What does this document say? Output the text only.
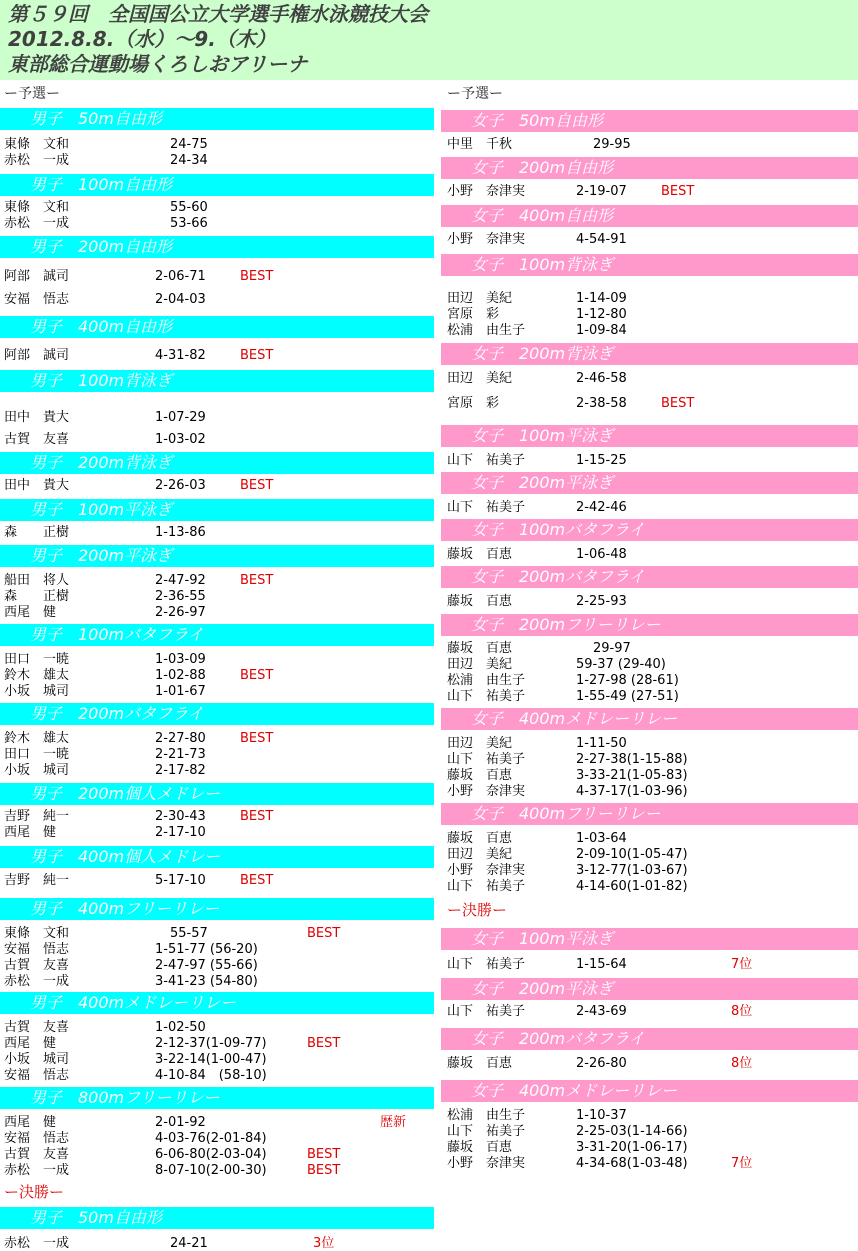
第５９回　全国国公立大学選手権水泳競技大会
2012.8.8.（水）～9.（木）
東部総合運動場くろしおアリーナ
ー予選ー
男子　50m自由形
東條　文和	24-75
赤松　一成	24-34
男子　100m自由形
東條　文和	55-60
赤松　一成	53-66
男子　200m自由形
阿部　誠司	2-06-71	BEST
安福　悟志	2-04-03
男子　400m自由形
阿部　誠司	4-31-82	BEST
男子　100m背泳ぎ
田中　貴大	1-07-29
古賀　友喜	1-03-02
男子　200m背泳ぎ
田中　貴大	2-26-03	BEST
男子　100m平泳ぎ
森　　正樹	1-13-86
男子　200m平泳ぎ
船田　将人	2-47-92	BEST
森　　正樹	2-36-55
西尾　健	2-26-97
男子　100mバタフライ
田口　一暁	1-03-09
鈴木　雄太	1-02-88	BEST
小坂　城司	1-01-67
男子　200mバタフライ
鈴木　雄太	2-27-80	BEST
田口　一暁	2-21-73
小坂　城司	2-17-82
男子　200m個人メドレー
吉野　純一	2-30-43	BEST
西尾　健	2-17-10
男子　400m個人メドレー
吉野　純一	5-17-10	BEST
男子　400mフリーリレー
東條　文和	55-57	BEST
安福　悟志	1-51-77 (56-20)
古賀　友喜	2-47-97 (55-66)
赤松　一成	3-41-23 (54-80)
男子　400mメドレーリレー
古賀　友喜	1-02-50
西尾　健	2-12-37(1-09-77)	BEST
小坂　城司	3-22-14(1-00-47)
安福　悟志	4-10-84　(58-10)
男子　800mフリーリレー
西尾　健	2-01-92	歴新
安福　悟志	4-03-76(2-01-84)
古賀　友喜	6-06-80(2-03-04)	BEST
赤松　一成	8-07-10(2-00-30)	BEST
ー決勝ー
男子　50m自由形
赤松　一成	24-21	3位
ー予選ー
女子　50m自由形
中里　千秋	29-95
女子　200m自由形
小野　奈津実	2-19-07	BEST
女子　400m自由形
小野　奈津実	4-54-91
女子　100m背泳ぎ
田辺　美紀	1-14-09
宮原　彩	1-12-80
松浦　由生子	1-09-84
女子　200m背泳ぎ
田辺　美紀	2-46-58
宮原　彩	2-38-58	BEST
女子　100m平泳ぎ
山下　祐美子	1-15-25
女子　200m平泳ぎ
山下　祐美子	2-42-46
女子　100mバタフライ
藤坂　百恵	1-06-48
女子　200mバタフライ
藤坂　百恵	2-25-93
女子　200mフリーリレー
藤坂　百恵	29-97
田辺　美紀	59-37 (29-40)
松浦　由生子	1-27-98 (28-61)
山下　祐美子	1-55-49 (27-51)
女子　400mメドレーリレー
田辺　美紀	1-11-50
山下　祐美子	2-27-38(1-15-88)
藤坂　百恵	3-33-21(1-05-83)
小野　奈津実	4-37-17(1-03-96)
女子　400mフリーリレー
藤坂　百恵	1-03-64
田辺　美紀	2-09-10(1-05-47)
小野　奈津実	3-12-77(1-03-67)
山下　祐美子	4-14-60(1-01-82)
ー決勝ー
女子　100m平泳ぎ
山下　祐美子	1-15-64	7位
女子　200m平泳ぎ
山下　祐美子	2-43-69	8位
女子　200mバタフライ
藤坂　百恵	2-26-80	8位
女子　400mメドレーリレー
松浦　由生子	1-10-37
山下　祐美子	2-25-03(1-14-66)
藤坂　百恵	3-31-20(1-06-17)
小野　奈津実	4-34-68(1-03-48)	7位
